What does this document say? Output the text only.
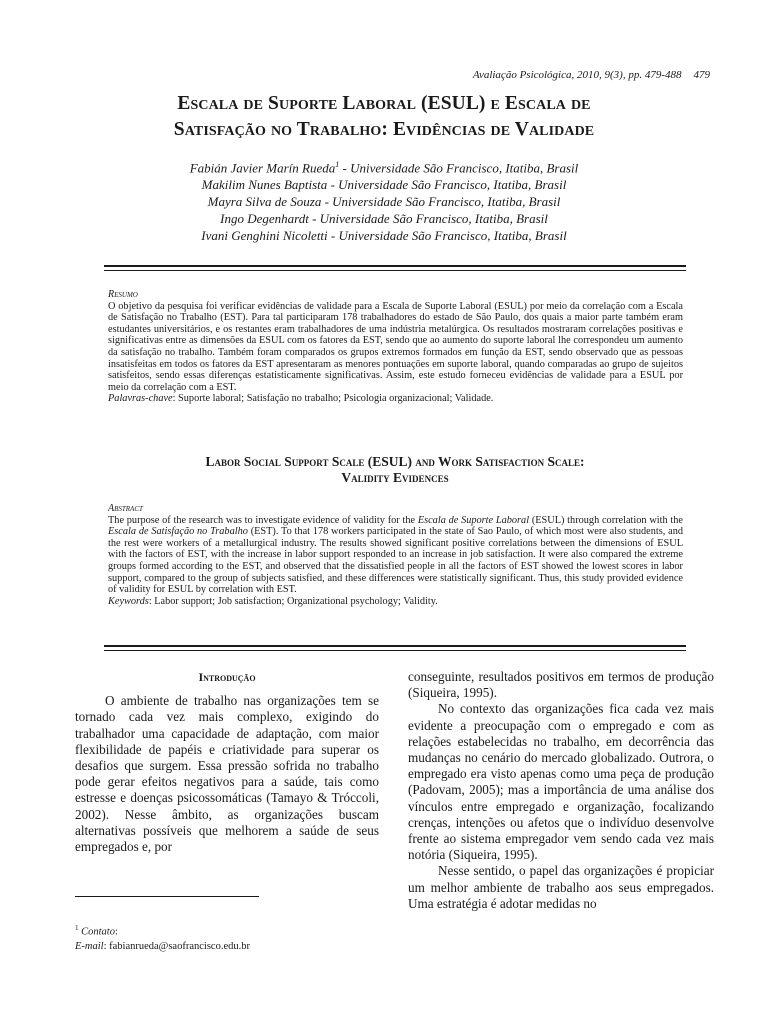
Avaliação Psicológica, 2010, 9(3), pp. 479-488 479
Escala de Suporte Laboral (ESUL) e Escala de
Satisfação no Trabalho: Evidências de Validade
Fabián Javier Marín Rueda$^1$ - Universidade São Francisco, Itatiba, Brasil
Makilim Nunes Baptista - Universidade São Francisco, Itatiba, Brasil
Mayra Silva de Souza - Universidade São Francisco, Itatiba, Brasil
Ingo Degenhardt - Universidade São Francisco, Itatiba, Brasil
Ivani Genghini Nicoletti - Universidade São Francisco, Itatiba, Brasil
Resumo
O objetivo da pesquisa foi verificar evidências de validade para a Escala de Suporte Laboral (ESUL) por meio da correlação com a Escala de Satisfação no Trabalho (EST). Para tal participaram 178 trabalhadores do estado de São Paulo, dos quais a maior parte também eram estudantes universitários, e os restantes eram trabalhadores de uma indústria metalúrgica. Os resultados mostraram correlações positivas e significativas entre as dimensões da ESUL com os fatores da EST, sendo que ao aumento do suporte laboral lhe correspondeu um aumento da satisfação no trabalho. Também foram comparados os grupos extremos formados em função da EST, sendo observado que as pessoas insatisfeitas em todos os fatores da EST apresentaram as menores pontuações em suporte laboral, quando comparadas ao grupo de sujeitos satisfeitos, sendo essas diferenças estatisticamente significativas. Assim, este estudo forneceu evidências de validade para a ESUL por meio da correlação com a EST.
Palavras-chave: Suporte laboral; Satisfação no trabalho; Psicologia organizacional; Validade.
Labor Social Support Scale (ESUL) and Work Satisfaction Scale:
Validity Evidences
Abstract
The purpose of the research was to investigate evidence of validity for the Escala de Suporte Laboral (ESUL) through correlation with the Escala de Satisfação no Trabalho (EST). To that 178 workers participated in the state of Sao Paulo, of which most were also students, and the rest were workers of a metallurgical industry. The results showed significant positive correlations between the dimensions of ESUL with the factors of EST, with the increase in labor support responded to an increase in job satisfaction. It were also compared the extreme groups formed according to the EST, and observed that the dissatisfied people in all the factors of EST showed the lowest scores in labor support, compared to the group of subjects satisfied, and these differences were statistically significant. Thus, this study provided evidence of validity for ESUL by correlation with EST.
Keywords: Labor support; Job satisfaction; Organizational psychology; Validity.
Introdução

O ambiente de trabalho nas organizações tem se tornado cada vez mais complexo, exigindo do trabalhador uma capacidade de adaptação, com maior flexibilidade de papéis e criatividade para superar os desafios que surgem. Essa pressão sofrida no trabalho pode gerar efeitos negativos para a saúde, tais como estresse e doenças psicossomáticas (Tamayo & Tróccoli, 2002). Nesse âmbito, as organizações buscam alternativas possíveis que melhorem a saúde de seus empregados e, por

conseguinte, resultados positivos em termos de produção (Siqueira, 1995).

No contexto das organizações fica cada vez mais evidente a preocupação com o empregado e com as relações estabelecidas no trabalho, em decorrência das mudanças no cenário do mercado globalizado. Outrora, o empregado era visto apenas como uma peça de produção (Padovam, 2005); mas a importância de uma análise dos vínculos entre empregado e organização, focalizando crenças, intenções ou afetos que o indivíduo desenvolve frente ao sistema empregador vem sendo cada vez mais notória (Siqueira, 1995).

Nesse sentido, o papel das organizações é propiciar um melhor ambiente de trabalho aos seus empregados. Uma estratégia é adotar medidas no

$^1$ Contato:
E-mail: fabianrueda@saofrancisco.edu.br
